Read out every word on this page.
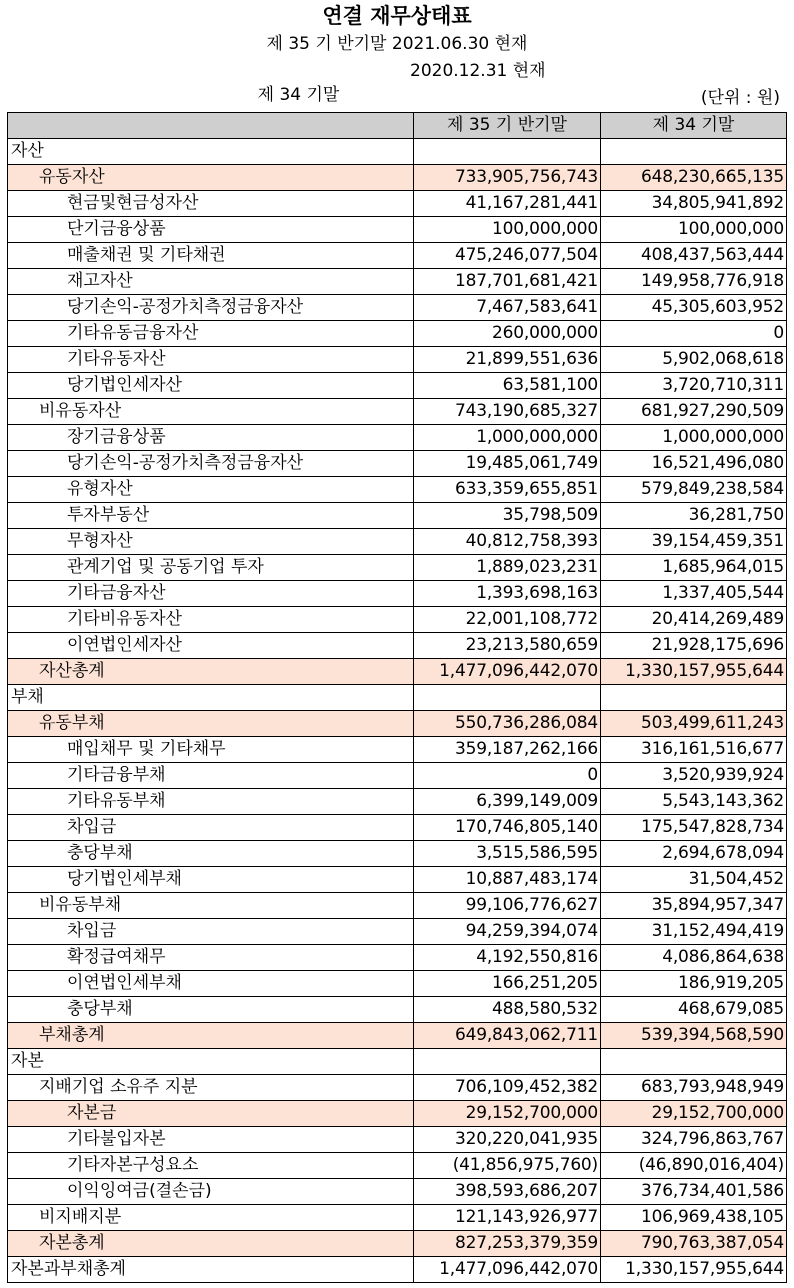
연결 재무상태표
제 35 기 반기말 2021.06.30 현재

제 34 기말

2020.12.31 현재

(단위 : 원)
	제 35 기 반기말	제 34 기말
자산		
유동자산	733,905,756,743	648,230,665,135
현금및현금성자산	41,167,281,441	34,805,941,892
단기금융상품	100,000,000	100,000,000
매출채권 및 기타채권	475,246,077,504	408,437,563,444
재고자산	187,701,681,421	149,958,776,918
당기손익-공정가치측정금융자산	7,467,583,641	45,305,603,952
기타유동금융자산	260,000,000	0
기타유동자산	21,899,551,636	5,902,068,618
당기법인세자산	63,581,100	3,720,710,311
비유동자산	743,190,685,327	681,927,290,509
장기금융상품	1,000,000,000	1,000,000,000
당기손익-공정가치측정금융자산	19,485,061,749	16,521,496,080
유형자산	633,359,655,851	579,849,238,584
투자부동산	35,798,509	36,281,750
무형자산	40,812,758,393	39,154,459,351
관계기업 및 공동기업 투자	1,889,023,231	1,685,964,015
기타금융자산	1,393,698,163	1,337,405,544
기타비유동자산	22,001,108,772	20,414,269,489
이연법인세자산	23,213,580,659	21,928,175,696
자산총계	1,477,096,442,070	1,330,157,955,644
부채		
유동부채	550,736,286,084	503,499,611,243
매입채무 및 기타채무	359,187,262,166	316,161,516,677
기타금융부채	0	3,520,939,924
기타유동부채	6,399,149,009	5,543,143,362
차입금	170,746,805,140	175,547,828,734
충당부채	3,515,586,595	2,694,678,094
당기법인세부채	10,887,483,174	31,504,452
비유동부채	99,106,776,627	35,894,957,347
차입금	94,259,394,074	31,152,494,419
확정급여채무	4,192,550,816	4,086,864,638
이연법인세부채	166,251,205	186,919,205
충당부채	488,580,532	468,679,085
부채총계	649,843,062,711	539,394,568,590
자본		
지배기업 소유주 지분	706,109,452,382	683,793,948,949
자본금	29,152,700,000	29,152,700,000
기타불입자본	320,220,041,935	324,796,863,767
기타자본구성요소	(41,856,975,760)	(46,890,016,404)
이익잉여금(결손금)	398,593,686,207	376,734,401,586
비지배지분	121,143,926,977	106,969,438,105
자본총계	827,253,379,359	790,763,387,054
자본과부채총계	1,477,096,442,070	1,330,157,955,644
